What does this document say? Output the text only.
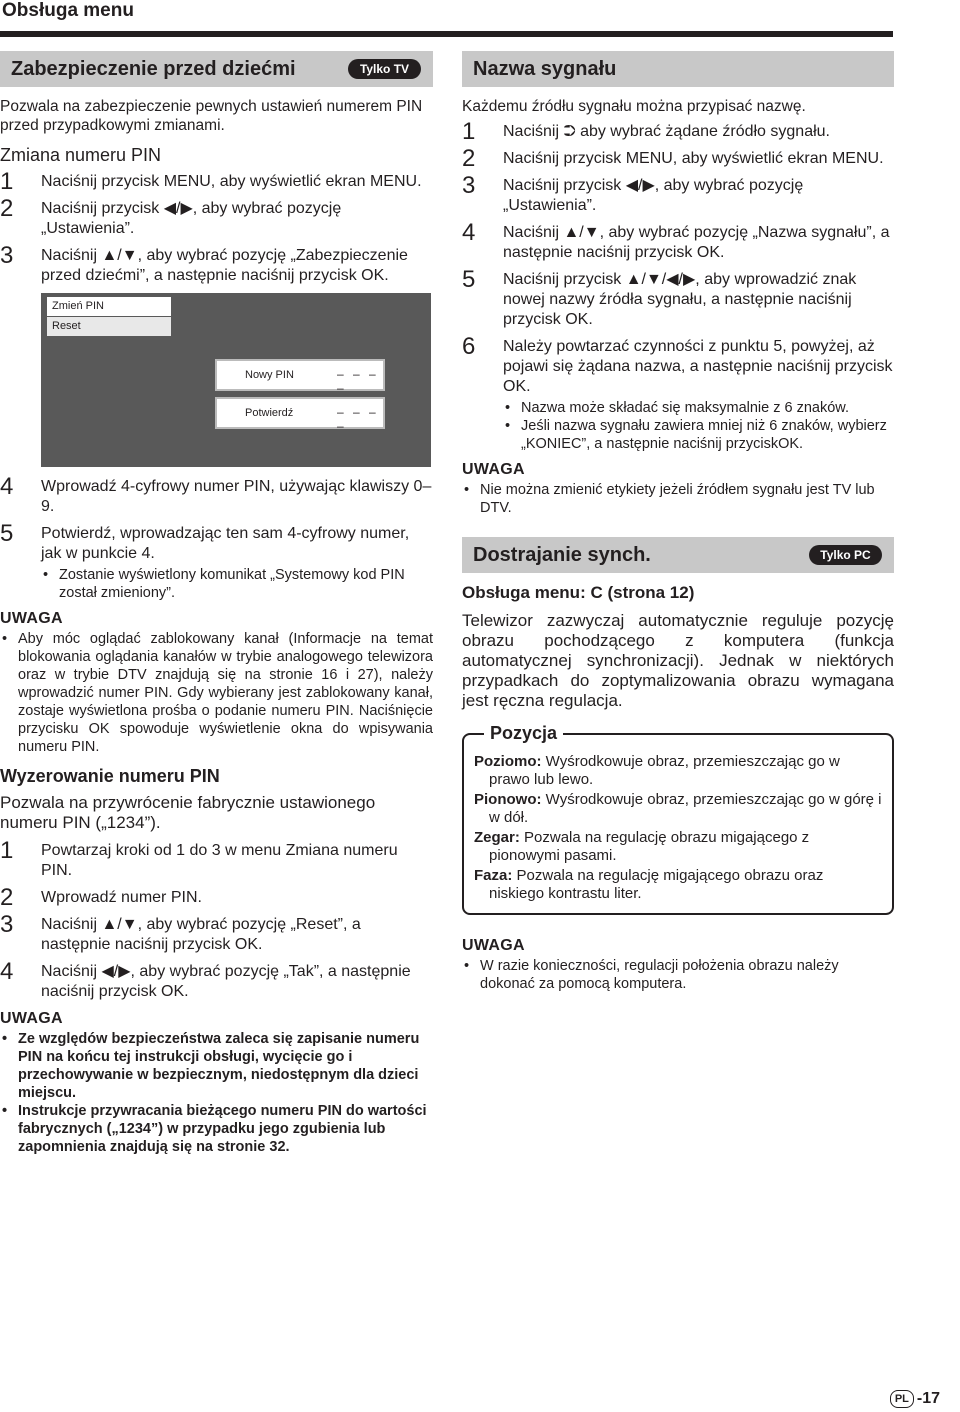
Obsługa menu
Zabezpieczenie przed dziećmi	Tylko TV

Pozwala na zabezpieczenie pewnych ustawień numerem PIN przed przypadkowymi zmianami.

Zmiana numeru PIN
1 Naciśnij przycisk MENU, aby wyświetlić ekran MENU.
2 Naciśnij przycisk ◀/▶, aby wybrać pozycję „Ustawienia”.
3 Naciśnij ▲/▼, aby wybrać pozycję „Zabezpieczenie przed dziećmi”, a następnie naciśnij przycisk OK.
Zmień PIN
Reset
Nowy PIN	– – – –
Potwierdź	– – – –
4 Wprowadź 4-cyfrowy numer PIN, używając klawiszy 0–9.
5 Potwierdź, wprowadzając ten sam 4-cyfrowy numer, jak w punkcie 4.
• Zostanie wyświetlony komunikat „Systemowy kod PIN został zmieniony”.
UWAGA
• Aby móc oglądać zablokowany kanał (Informacje na temat blokowania oglądania kanałów w trybie analogowego telewizora oraz w trybie DTV znajdują się na stronie 16 i 27), należy wprowadzić numer PIN. Gdy wybierany jest zablokowany kanał, zostaje wyświetlona prośba o podanie numeru PIN. Naciśnięcie przycisku OK spowoduje wyświetlenie okna do wpisywania numeru PIN.
Wyzerowanie numeru PIN

Pozwala na przywrócenie fabrycznie ustawionego numeru PIN („1234”).

1 Powtarzaj kroki od 1 do 3 w menu Zmiana numeru PIN.
2 Wprowadź numer PIN.
3 Naciśnij ▲/▼, aby wybrać pozycję „Reset”, a następnie naciśnij przycisk OK.
4 Naciśnij ◀/▶, aby wybrać pozycję „Tak”, a następnie naciśnij przycisk OK.
UWAGA
• Ze względów bezpieczeństwa zaleca się zapisanie numeru PIN na końcu tej instrukcji obsługi, wycięcie go i przechowywanie w bezpiecznym, niedostępnym dla dzieci miejscu.
• Instrukcje przywracania bieżącego numeru PIN do wartości fabrycznych („1234”) w przypadku jego zgubienia lub zapomnienia znajdują się na stronie 32.
Nazwa sygnału

Każdemu źródłu sygnału można przypisać nazwę.

1 Naciśnij ⮊ aby wybrać żądane źródło sygnału.
2 Naciśnij przycisk MENU, aby wyświetlić ekran MENU.
3 Naciśnij przycisk ◀/▶, aby wybrać pozycję „Ustawienia”.
4 Naciśnij ▲/▼, aby wybrać pozycję „Nazwa sygnału”, a następnie naciśnij przycisk OK.
5 Naciśnij przycisk ▲/▼/◀/▶, aby wprowadzić znak nowej nazwy źródła sygnału, a następnie naciśnij przycisk OK.
6 Należy powtarzać czynności z punktu 5, powyżej, aż pojawi się żądana nazwa, a następnie naciśnij przycisk OK.
• Nazwa może składać się maksymalnie z 6 znaków.
• Jeśli nazwa sygnału zawiera mniej niż 6 znaków, wybierz „KONIEC”, a następnie naciśnij przyciskOK.
UWAGA
• Nie można zmienić etykiety jeżeli źródłem sygnału jest TV lub DTV.
Dostrajanie synch.	Tylko PC
Obsługa menu: C (strona 12)

Telewizor zazwyczaj automatycznie reguluje pozycję obrazu pochodzącego z komputera (funkcja automatycznej synchronizacji). Jednak w niektórych przypadkach do zoptymalizowania obrazu wymagana jest ręczna regulacja.

Pozycja
Poziomo: Wyśrodkowuje obraz, przemieszczając go w prawo lub lewo.
Pionowo: Wyśrodkowuje obraz, przemieszczając go w górę i w dół.
Zegar: Pozwala na regulację obrazu migającego z pionowymi pasami.
Faza: Pozwala na regulację migającego obrazu oraz niskiego kontrastu liter.
UWAGA
• W razie konieczności, regulacji położenia obrazu należy dokonać za pomocą komputera.
PL -17
